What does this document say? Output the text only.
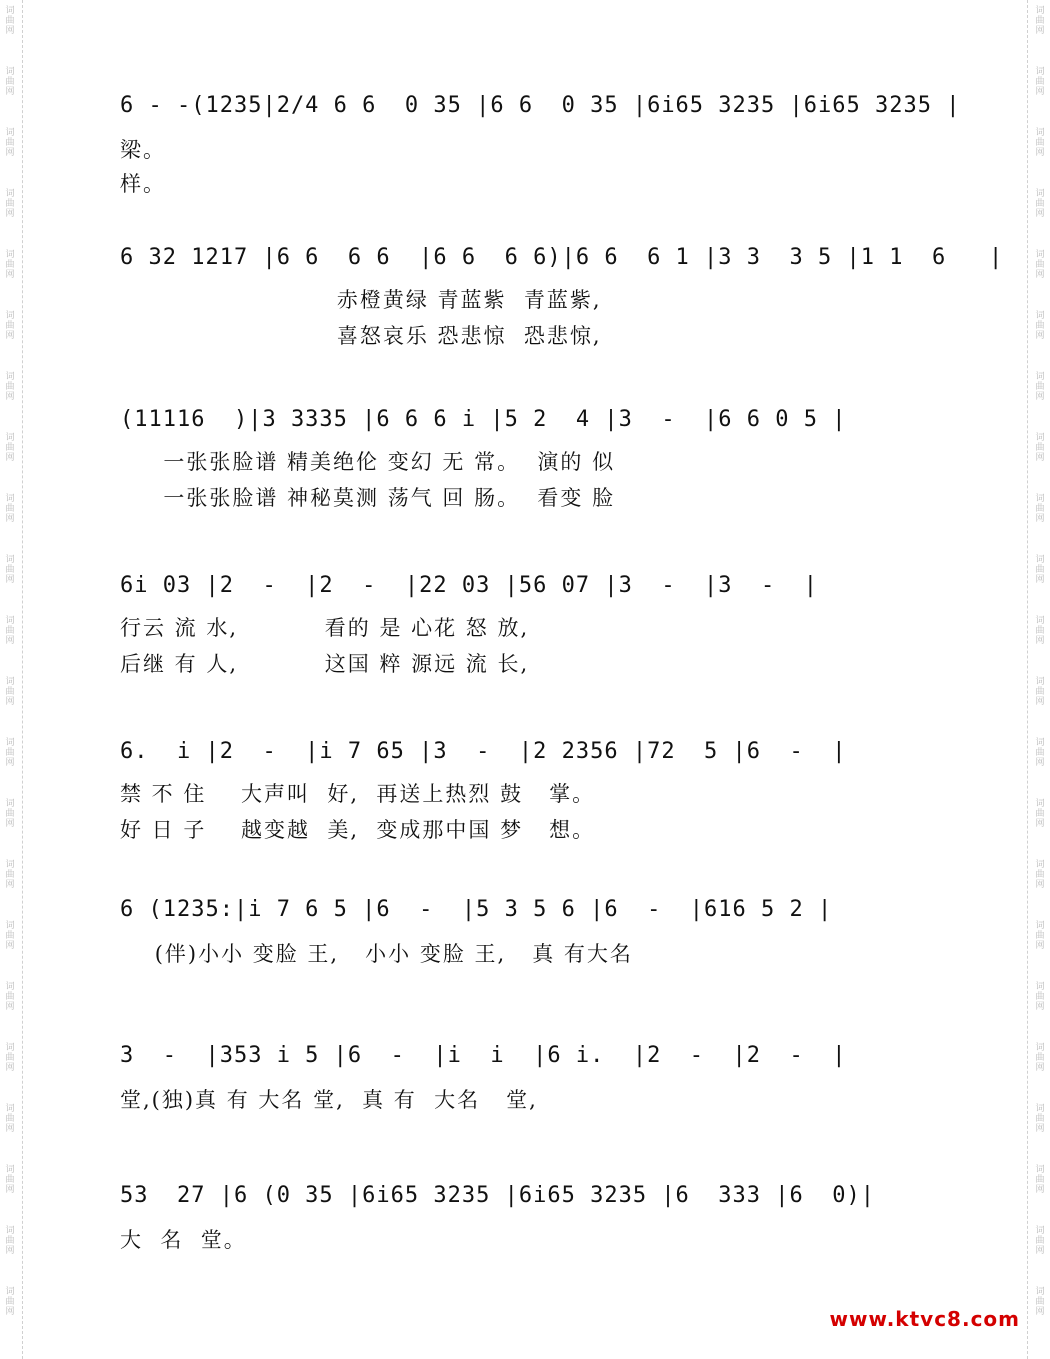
词
曲
网
词
曲
网
词
曲
网
词
曲
网
词
曲
网
词
曲
网
词
曲
网
词
曲
网
词
曲
网
词
曲
网
词
曲
网
词
曲
网
词
曲
网
词
曲
网
词
曲
网
词
曲
网
词
曲
网
词
曲
网
词
曲
网
词
曲
网
词
曲
网
词
曲
网
词
曲
网
词
曲
网
词
曲
网
词
曲
网
词
曲
网
词
曲
网
词
曲
网
词
曲
网
词
曲
网
词
曲
网
词
曲
网
词
曲
网
词
曲
网
词
曲
网
词
曲
网
词
曲
网
词
曲
网
词
曲
网
词
曲
网
词
曲
网
词
曲
网
词
曲
网
6 - -(1235|2/4 6 6  0 35 |6 6  0 35 |6i65 3235 |6i65 3235 |
梁。
样。
6 32 1217 |6 6  6 6  |6 6  6 6)|6 6  6 1 |3 3  3 5 |1 1  6   |
赤橙黄绿 青蓝紫  青蓝紫,
喜怒哀乐 恐悲惊  恐悲惊,
(11116  )|3 3335 |6 6 6 i |5 2  4 |3  -  |6 6 0 5 |
一张张脸谱 精美绝伦 变幻 无 常。  演的 似
一张张脸谱 神秘莫测 荡气 回 肠。  看变 脸
6i 03 |2  -  |2  -  |22 03 |56 07 |3  -  |3  -  |
行云 流 水,          看的 是 心花 怒 放,
后继 有 人,          这国 粹 源远 流 长,
6.  i |2  -  |i 7 65 |3  -  |2 2356 |72  5 |6  -  |
禁 不 住    大声叫  好,  再送上热烈 鼓   掌。
好 日 子    越变越  美,  变成那中国 梦   想。
6 (1235:|i 7 6 5 |6  -  |5 3 5 6 |6  -  |616 5 2 |
(伴)小小 变脸 王,   小小 变脸 王,   真 有大名
3  -  |353 i 5 |6  -  |i  i  |6 i.  |2  -  |2  -  |
堂,(独)真 有 大名 堂,  真 有  大名   堂,
53  27 |6 (0 35 |6i65 3235 |6i65 3235 |6  333 |6  0)|
大  名  堂。
www.ktvc8.com
